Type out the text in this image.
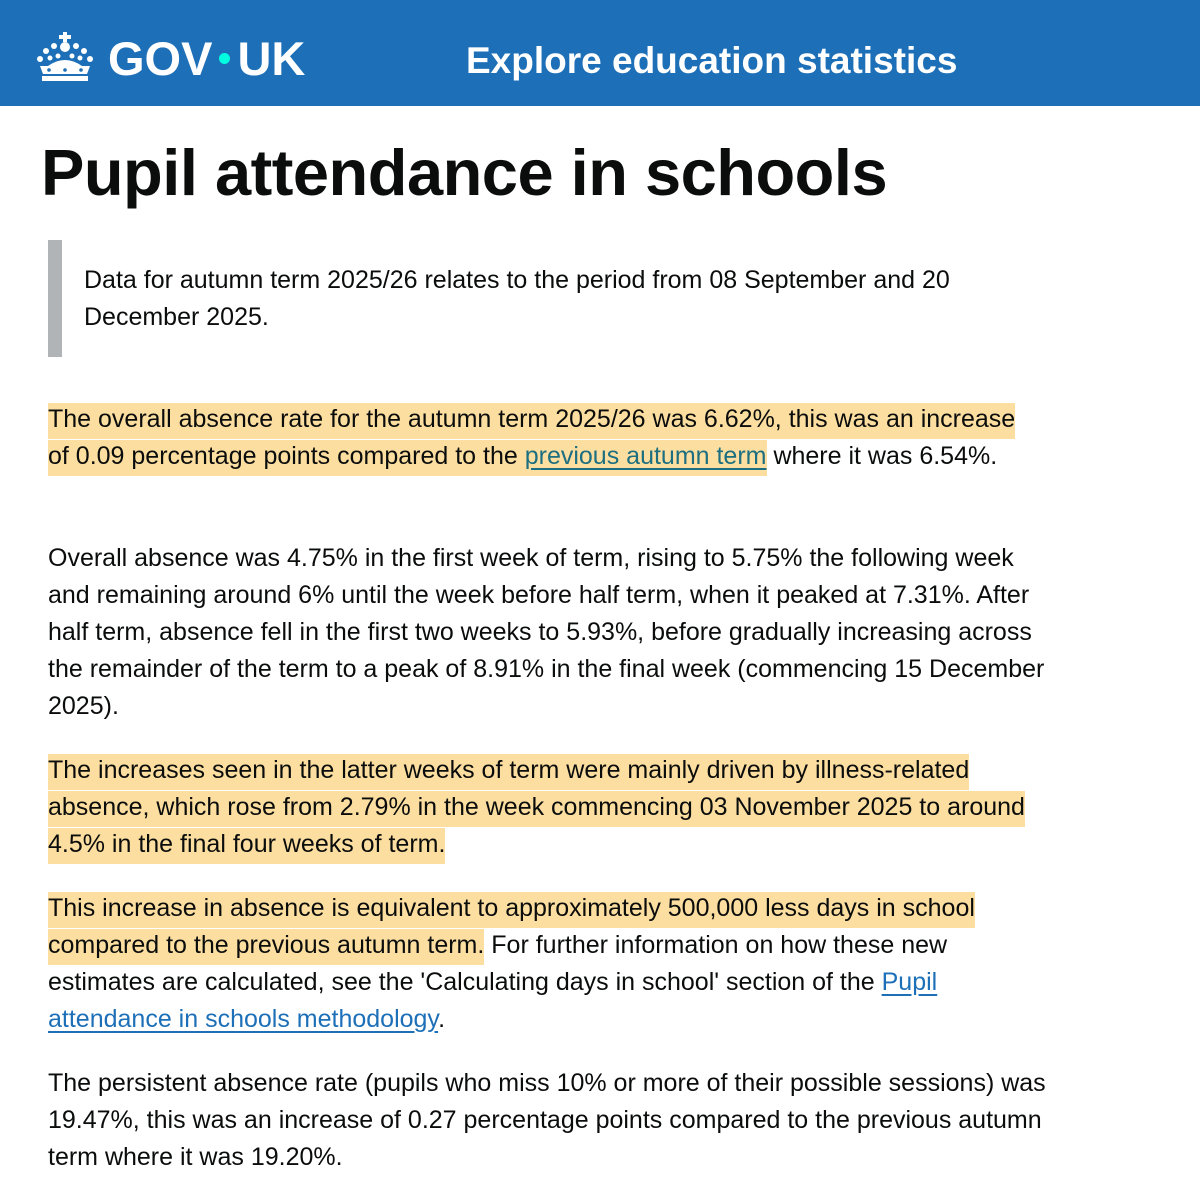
GOV UK	Explore education statistics
Pupil attendance in schools

Data for autumn term 2025/26 relates to the period from 08 September and 20 December 2025.

The overall absence rate for the autumn term 2025/26 was 6.62%, this was an increase of 0.09 percentage points compared to the previous autumn term where it was 6.54%.

Overall absence was 4.75% in the first week of term, rising to 5.75% the following week and remaining around 6% until the week before half term, when it peaked at 7.31%. After half term, absence fell in the first two weeks to 5.93%, before gradually increasing across the remainder of the term to a peak of 8.91% in the final week (commencing 15 December 2025).

The increases seen in the latter weeks of term were mainly driven by illness-related absence, which rose from 2.79% in the week commencing 03 November 2025 to around 4.5% in the final four weeks of term.

This increase in absence is equivalent to approximately 500,000 less days in school compared to the previous autumn term. For further information on how these new estimates are calculated, see the 'Calculating days in school' section of the Pupil attendance in schools methodology.

The persistent absence rate (pupils who miss 10% or more of their possible sessions) was 19.47%, this was an increase of 0.27 percentage points compared to the previous autumn term where it was 19.20%.
